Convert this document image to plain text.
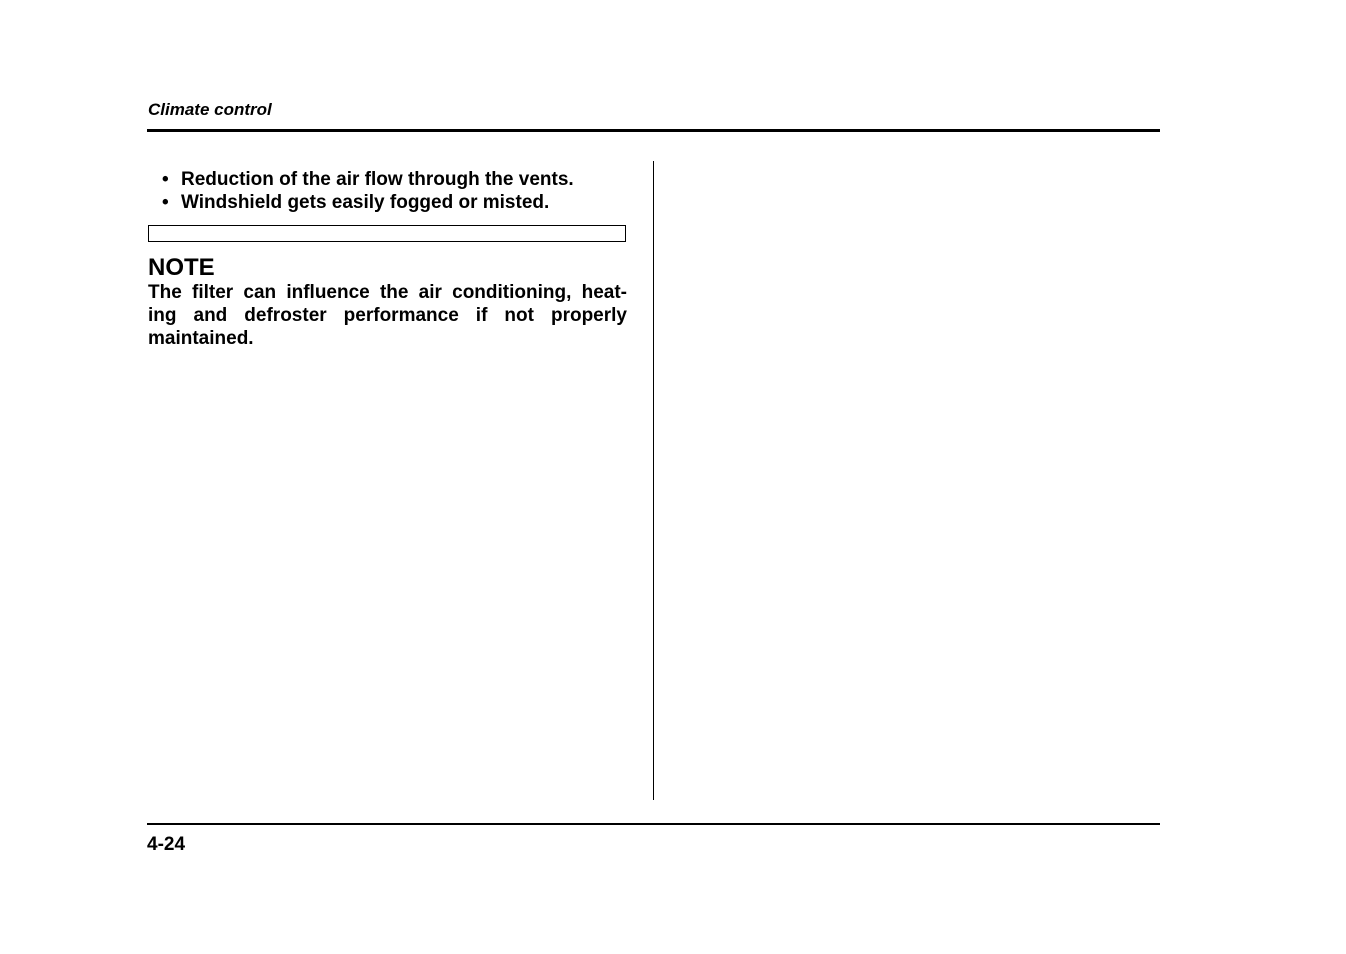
Climate control
• Reduction of the air flow through the vents.
• Windshield gets easily fogged or misted.
NOTE
The filter can influence the air conditioning, heat-
ing and defroster performance if not properly
maintained.
4-24
